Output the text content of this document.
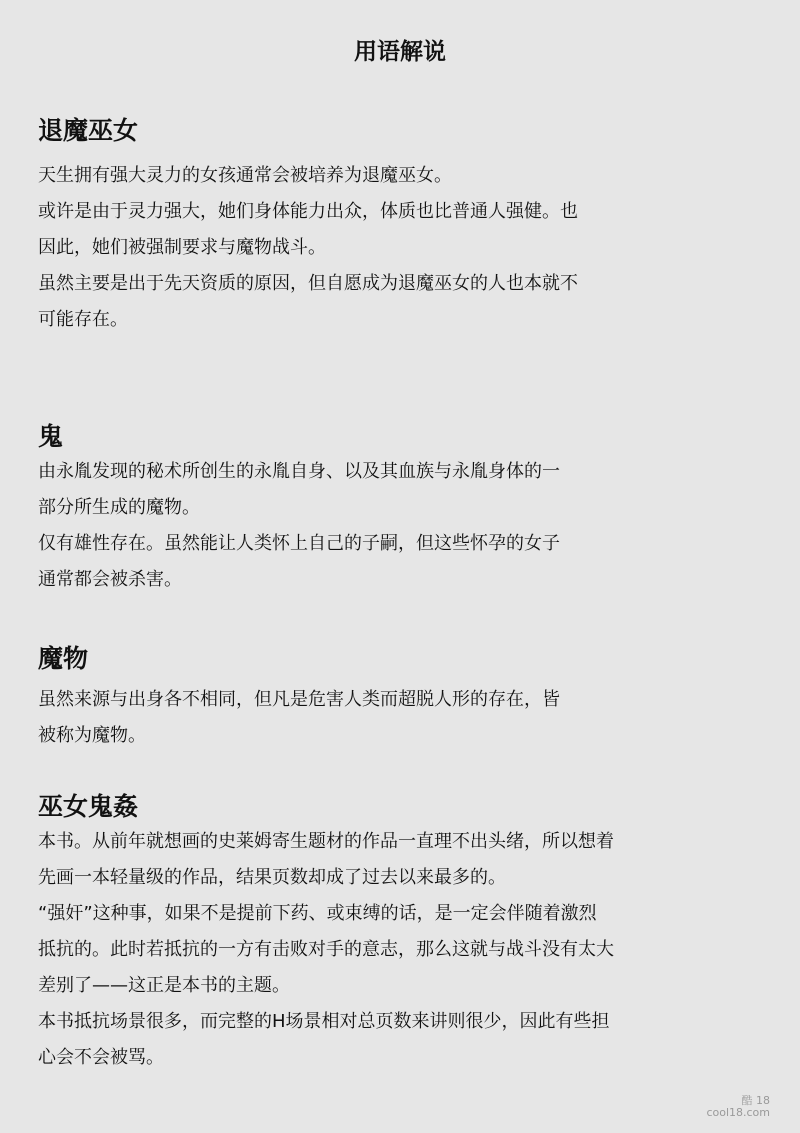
用语解说
退魔巫女
天生拥有强大灵力的女孩通常会被培养为退魔巫女。
或许是由于灵力强大，她们身体能力出众，体质也比普通人强健。也
因此，她们被强制要求与魔物战斗。
虽然主要是出于先天资质的原因，但自愿成为退魔巫女的人也本就不
可能存在。
鬼
由永胤发现的秘术所创生的永胤自身、以及其血族与永胤身体的一
部分所生成的魔物。
仅有雄性存在。虽然能让人类怀上自己的子嗣，但这些怀孕的女子
通常都会被杀害。
魔物
虽然来源与出身各不相同，但凡是危害人类而超脱人形的存在，皆
被称为魔物。
巫女鬼姦
本书。从前年就想画的史莱姆寄生题材的作品一直理不出头绪，所以想着
先画一本轻量级的作品，结果页数却成了过去以来最多的。
“强奸”这种事，如果不是提前下药、或束缚的话，是一定会伴随着激烈
抵抗的。此时若抵抗的一方有击败对手的意志，那么这就与战斗没有太大
差别了——这正是本书的主题。
本书抵抗场景很多，而完整的H场景相对总页数来讲则很少，因此有些担
心会不会被骂。
酷 18
cool18.com
